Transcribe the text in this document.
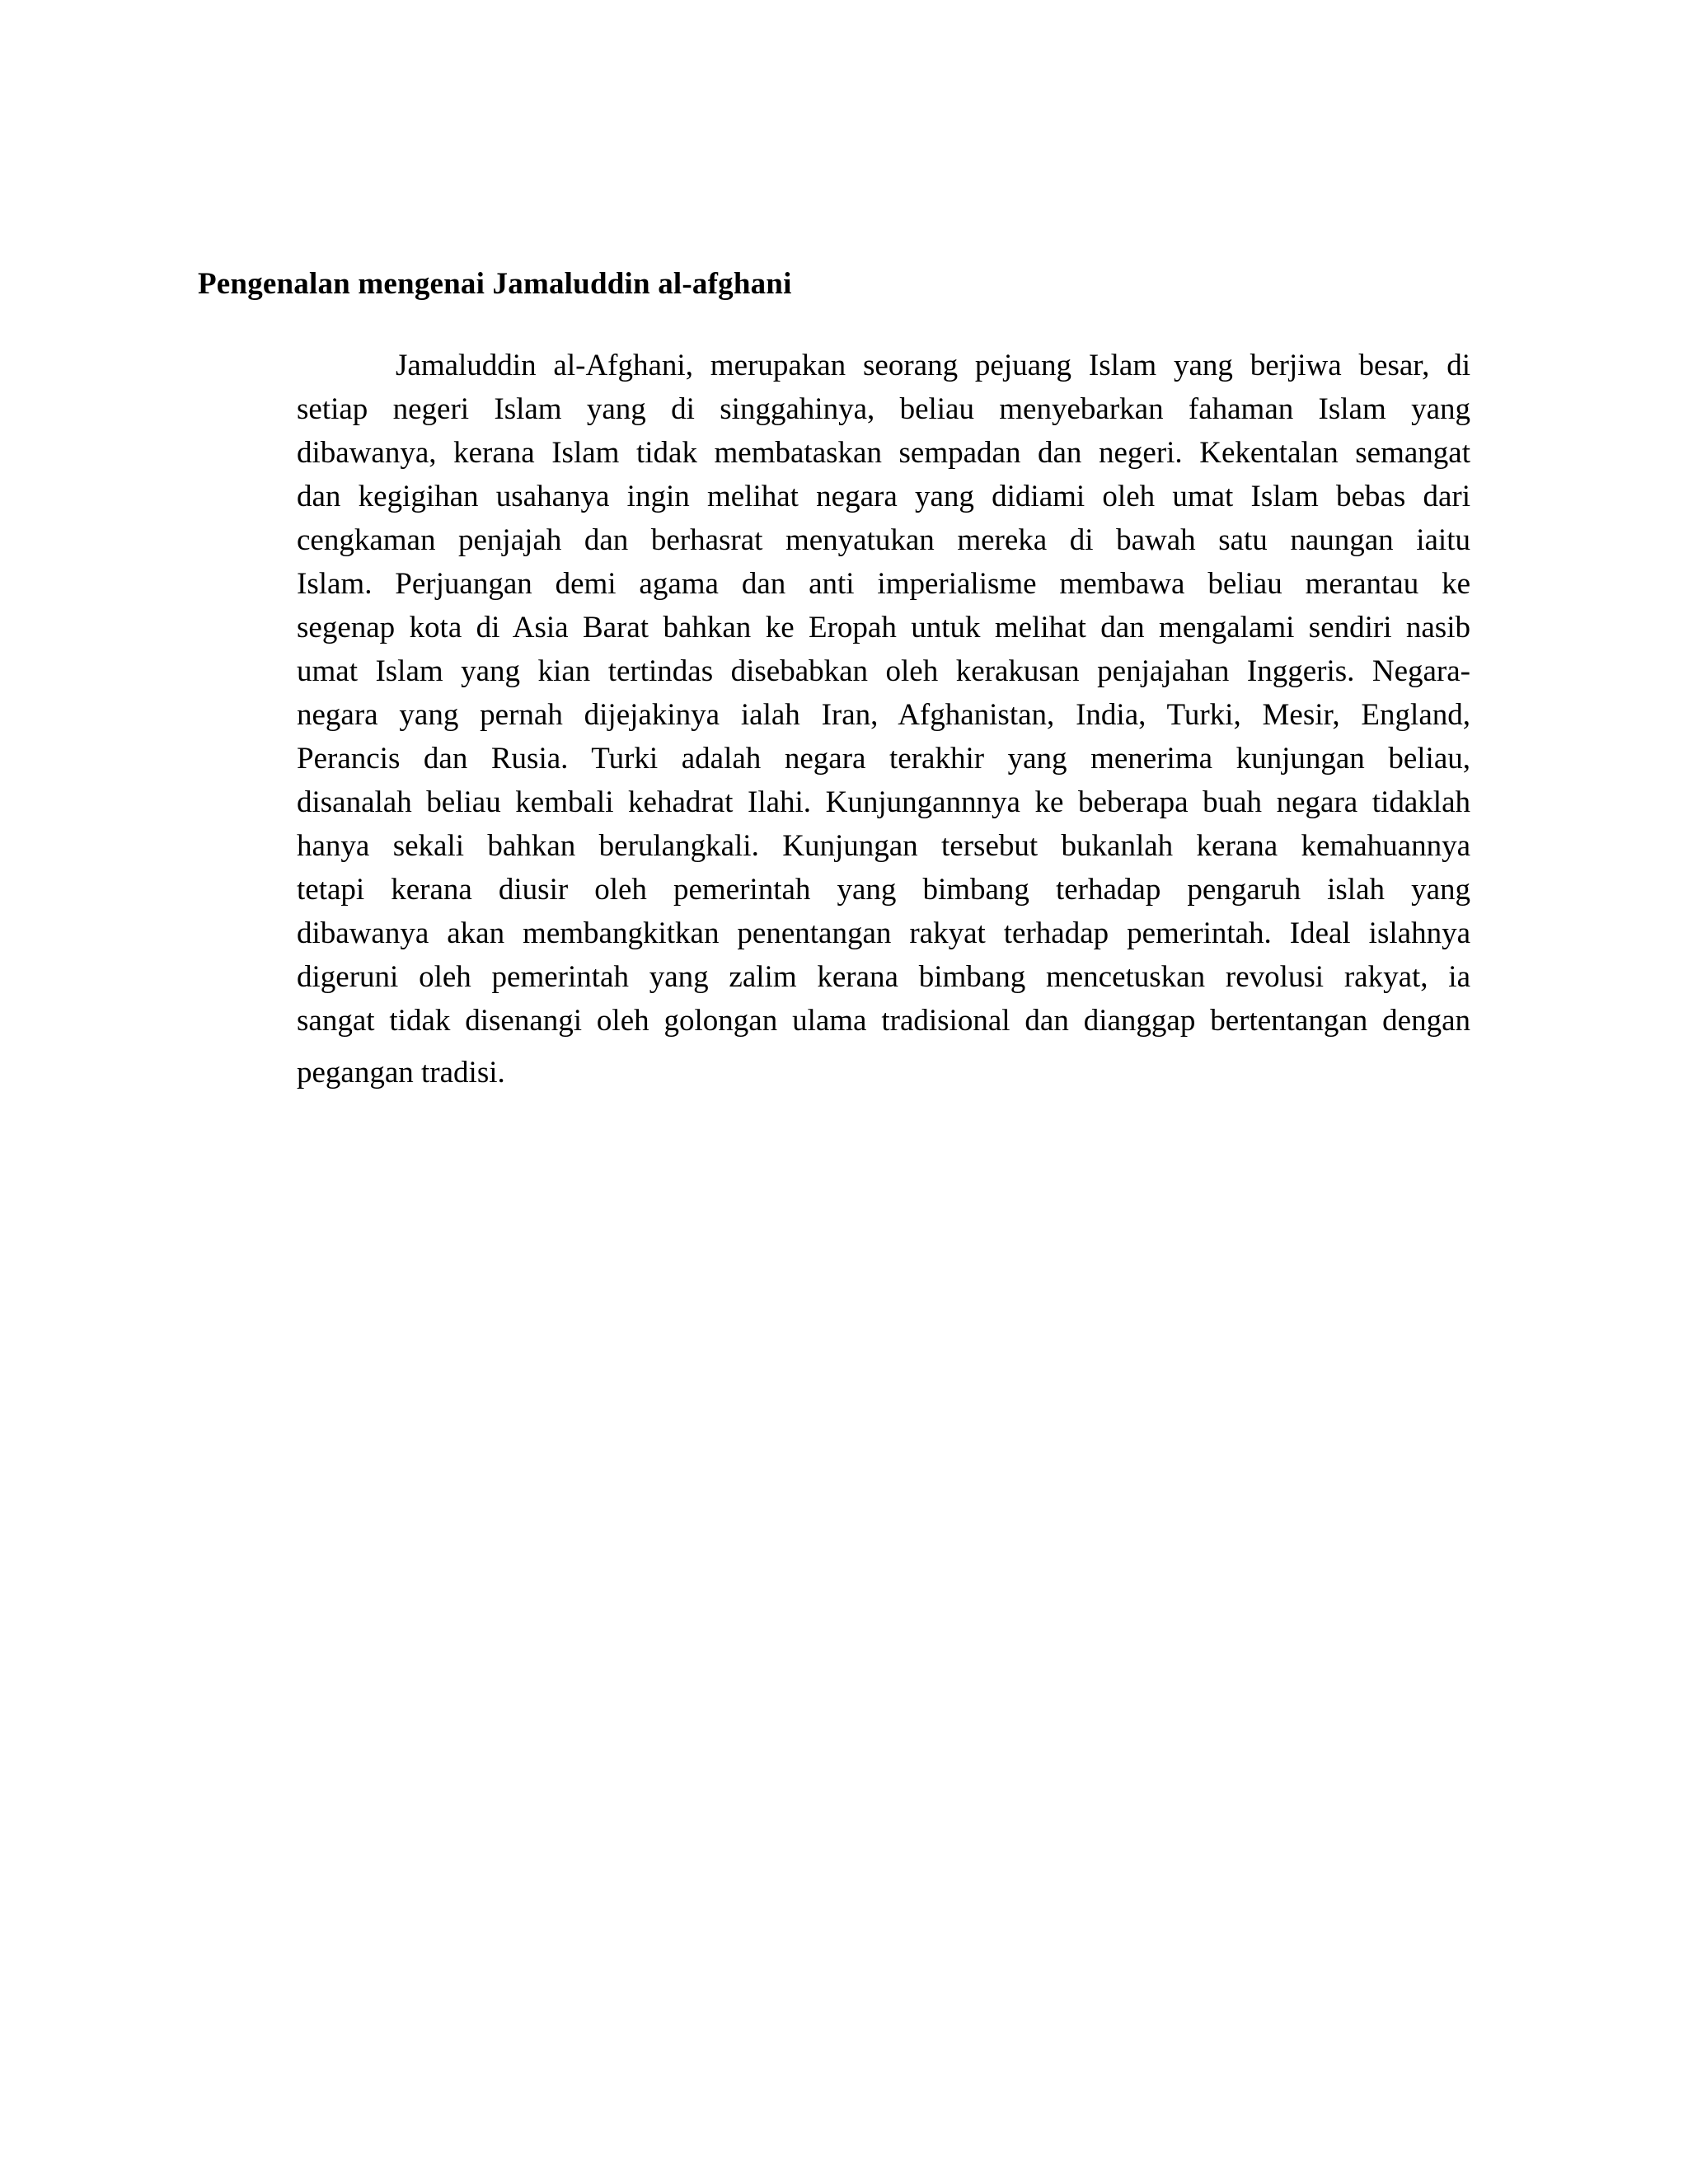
Pengenalan mengenai Jamaluddin al-afghani
Jamaluddin al-Afghani, merupakan seorang pejuang Islam yang berjiwa besar, di
setiap negeri Islam yang di singgahinya, beliau menyebarkan fahaman Islam yang
dibawanya, kerana Islam tidak membataskan sempadan dan negeri. Kekentalan semangat
dan kegigihan usahanya ingin melihat negara yang didiami oleh umat Islam bebas dari
cengkaman penjajah dan berhasrat menyatukan mereka di bawah satu naungan iaitu
Islam. Perjuangan demi agama dan anti imperialisme membawa beliau merantau ke
segenap kota di Asia Barat bahkan ke Eropah untuk melihat dan mengalami sendiri nasib
umat Islam yang kian tertindas disebabkan oleh kerakusan penjajahan Inggeris. Negara-
negara yang pernah dijejakinya ialah Iran, Afghanistan, India, Turki, Mesir, England,
Perancis dan Rusia. Turki adalah negara terakhir yang menerima kunjungan beliau,
disanalah beliau kembali kehadrat Ilahi. Kunjungannnya ke beberapa buah negara tidaklah
hanya sekali bahkan berulangkali. Kunjungan tersebut bukanlah kerana kemahuannya
tetapi kerana diusir oleh pemerintah yang bimbang terhadap pengaruh islah yang
dibawanya akan membangkitkan penentangan rakyat terhadap pemerintah. Ideal islahnya
digeruni oleh pemerintah yang zalim kerana bimbang mencetuskan revolusi rakyat, ia
sangat tidak disenangi oleh golongan ulama tradisional dan dianggap bertentangan dengan
pegangan tradisi.
